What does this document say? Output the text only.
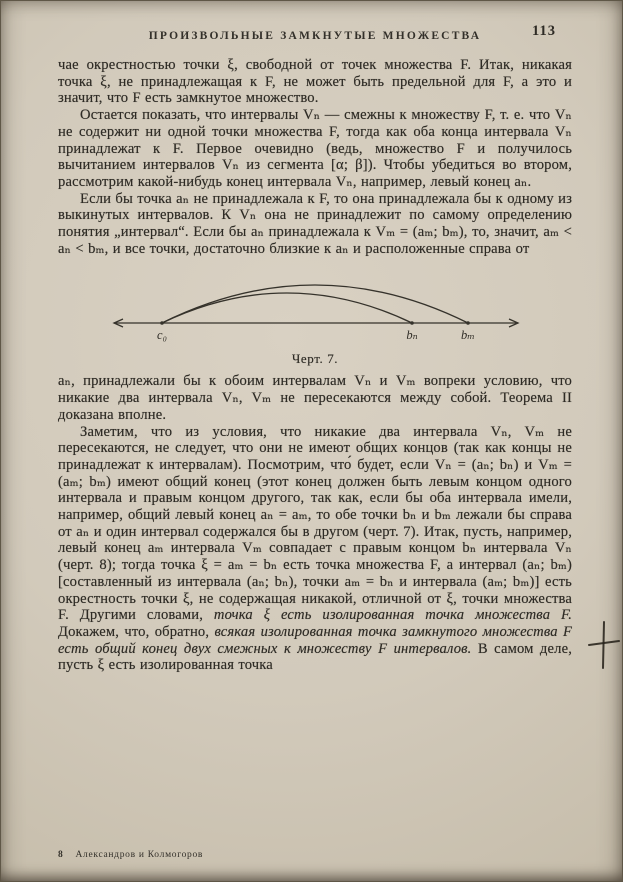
ПРОИЗВОЛЬНЫЕ ЗАМКНУТЫЕ МНОЖЕСТВА	113

чае окрестностью точки ξ, свободной от точек множества F. Итак, никакая точка ξ, не принадлежащая к F, не может быть предельной для F, а это и значит, что F есть замкнутое множество.

Остается показать, что интервалы Vₙ — смежны к множеству F, т. е. что Vₙ не содержит ни одной точки множества F, тогда как оба конца интервала Vₙ принадлежат к F. Первое очевидно (ведь, множество F и получилось вычитанием интервалов Vₙ из сегмента [α; β]). Чтобы убедиться во втором, рассмотрим какой-нибудь конец интервала Vₙ, например, левый конец aₙ.

Если бы точка aₙ не принадлежала к F, то она принадлежала бы к одному из выкинутых интервалов. К Vₙ она не принадлежит по самому определению понятия „интервал“. Если бы aₙ принадлежала к Vₘ = (aₘ; bₘ), то, значит, aₘ < aₙ < bₘ, и все точки, достаточно близкие к aₙ и расположенные справа от

c₀	bₙ	bₘ
Черт. 7.

aₙ, принадлежали бы к обоим интервалам Vₙ и Vₘ вопреки условию, что никакие два интервала Vₙ, Vₘ не пересекаются между собой. Теорема II доказана вполне.

Заметим, что из условия, что никакие два интервала Vₙ, Vₘ не пересекаются, не следует, что они не имеют общих концов (так как концы не принадлежат к интервалам). Посмотрим, что́ будет, если Vₙ = (aₙ; bₙ) и Vₘ = (aₘ; bₘ) имеют общий конец (этот конец должен быть левым концом одного интервала и правым концом другого, так как, если бы оба интервала имели, например, общий левый конец aₙ = aₘ, то обе точки bₙ и bₘ лежали бы справа от aₙ и один интервал содержался бы в другом (черт. 7). Итак, пусть, например, левый конец aₘ интервала Vₘ совпадает с правым концом bₙ интервала Vₙ (черт. 8); тогда точка ξ = aₘ = bₙ есть точка множества F, а интервал (aₙ; bₘ) [составленный из интервала (aₙ; bₙ), точки aₘ = bₙ и интервала (aₘ; bₘ)] есть окрестность точки ξ, не содержащая никакой, отличной от ξ, точки множества F. Другими словами, точка ξ есть изолированная точка множества F. Докажем, что, обратно, всякая изолированная точка замкнутого множества F есть общий конец двух смежных к множеству F интервалов. В самом деле, пусть ξ есть изолированная точка

8 Александров и Колмогоров
